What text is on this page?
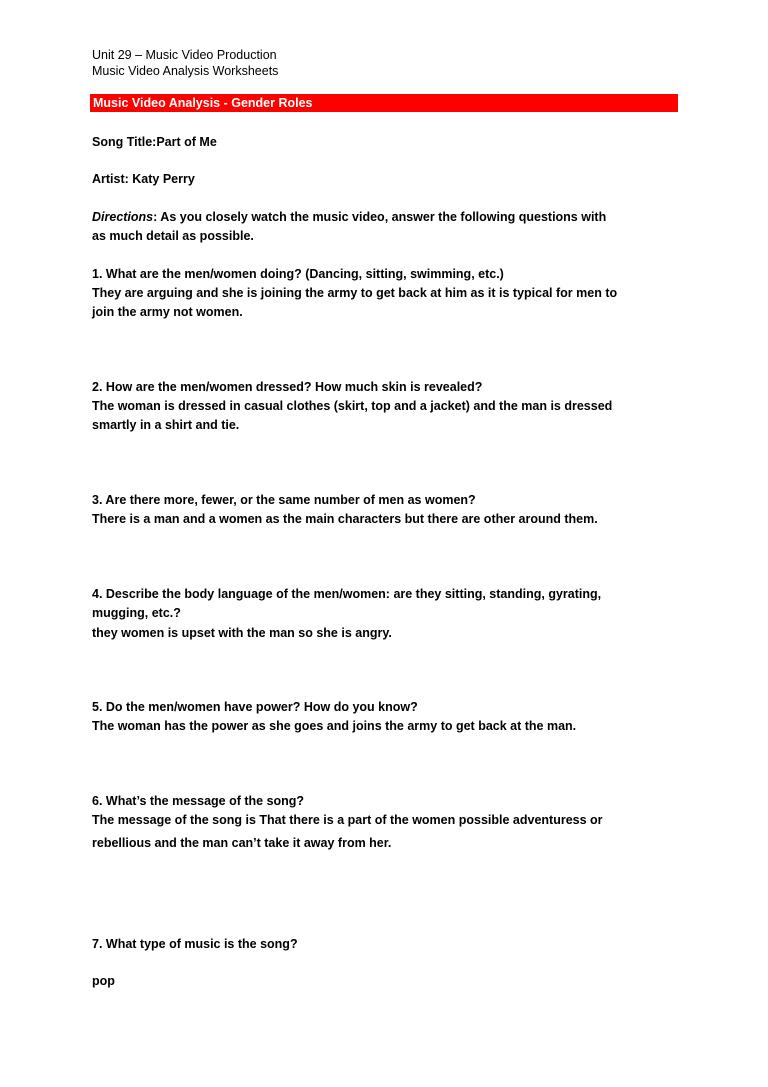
Unit 29 – Music Video Production
Music Video Analysis Worksheets
Music Video Analysis - Gender Roles
Song Title:Part of Me
Artist: Katy Perry
Directions: As you closely watch the music video, answer the following questions with
as much detail as possible.
1. What are the men/women doing? (Dancing, sitting, swimming, etc.)
They are arguing and she is joining the army to get back at him as it is typical for men to
join the army not women.
2. How are the men/women dressed? How much skin is revealed?
The woman is dressed in casual clothes (skirt, top and a jacket) and the man is dressed
smartly in a shirt and tie.
3. Are there more, fewer, or the same number of men as women?
There is a man and a women as the main characters but there are other around them.
4. Describe the body language of the men/women: are they sitting, standing, gyrating,
mugging, etc.?
they women is upset with the man so she is angry.
5. Do the men/women have power? How do you know?
The woman has the power as she goes and joins the army to get back at the man.
6. What’s the message of the song?
The message of the song is That there is a part of the women possible adventuress or
rebellious and the man can’t take it away from her.
7. What type of music is the song?
pop
